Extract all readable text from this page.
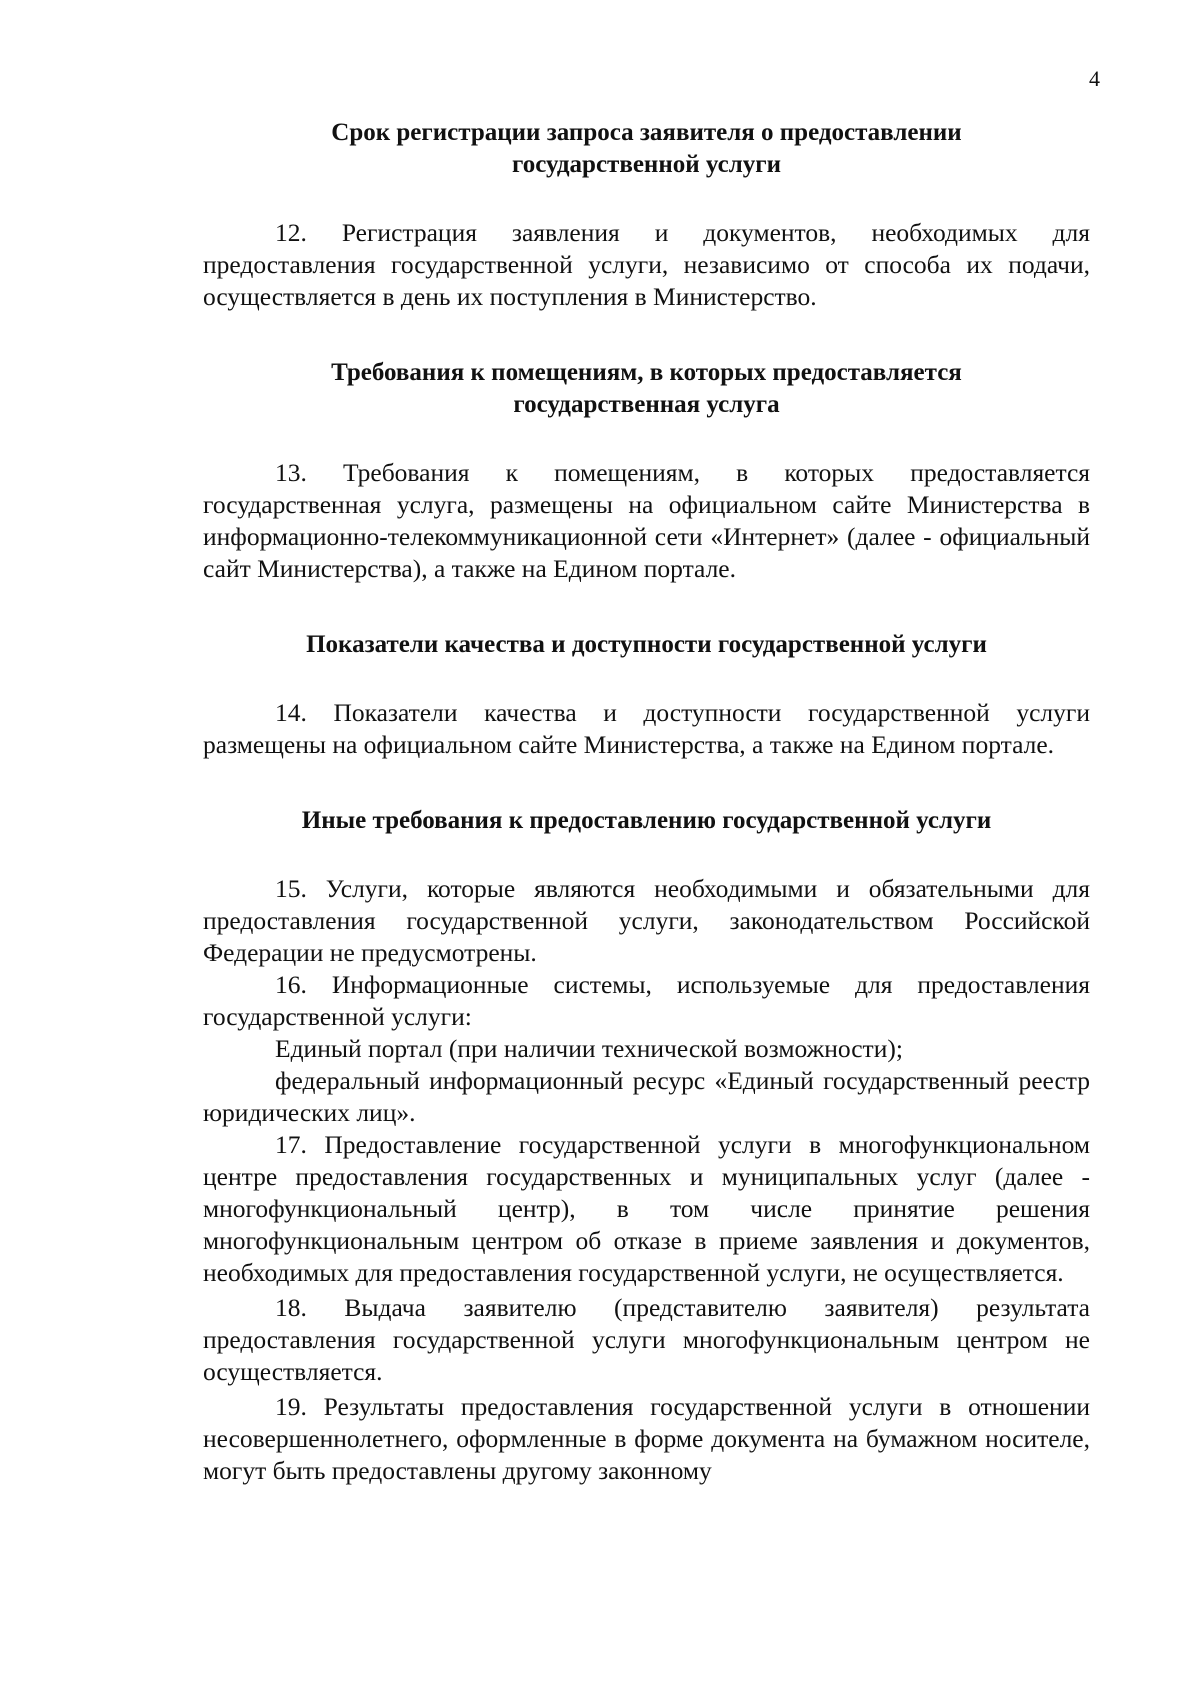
4
Срок регистрации запроса заявителя о предоставлении
государственной услуги

12. Регистрация заявления и документов, необходимых для предоставления государственной услуги, независимо от способа их подачи, осуществляется в день их поступления в Министерство.

Требования к помещениям, в которых предоставляется
государственная услуга

13. Требования к помещениям, в которых предоставляется государственная услуга, размещены на официальном сайте Министерства в информационно-телекоммуникационной сети «Интернет» (далее - официальный сайт Министерства), а также на Едином портале.

Показатели качества и доступности государственной услуги

14. Показатели качества и доступности государственной услуги размещены на официальном сайте Министерства, а также на Едином портале.

Иные требования к предоставлению государственной услуги

15. Услуги, которые являются необходимыми и обязательными для предоставления государственной услуги, законодательством Российской Федерации не предусмотрены.

16. Информационные системы, используемые для предоставления государственной услуги:

Единый портал (при наличии технической возможности);

федеральный информационный ресурс «Единый государственный реестр юридических лиц».

17. Предоставление государственной услуги в многофункциональном центре предоставления государственных и муниципальных услуг (далее - многофункциональный центр), в том числе принятие решения многофункциональным центром об отказе в приеме заявления и документов, необходимых для предоставления государственной услуги, не осуществляется.

18. Выдача заявителю (представителю заявителя) результата предоставления государственной услуги многофункциональным центром не осуществляется.

19. Результаты предоставления государственной услуги в отношении несовершеннолетнего, оформленные в форме документа на бумажном носителе, могут быть предоставлены другому законному
